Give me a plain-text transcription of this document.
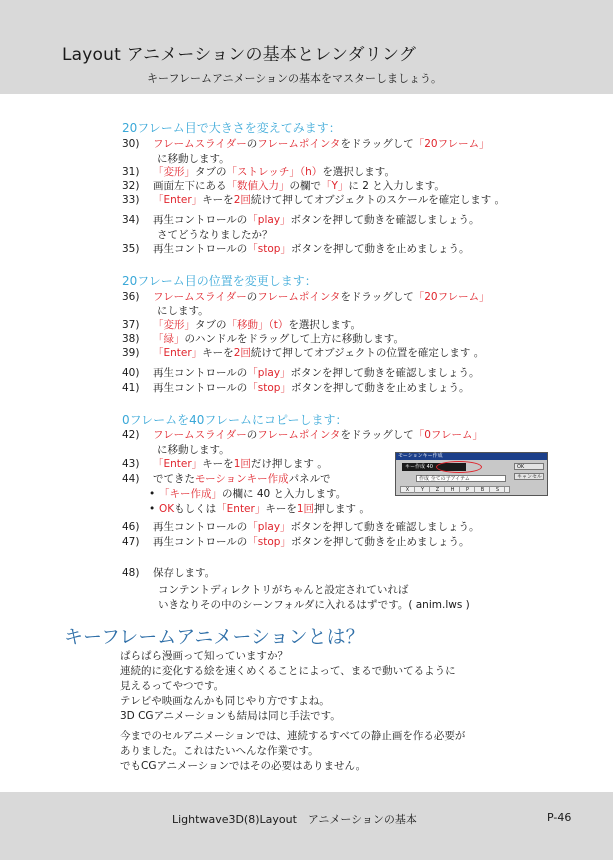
Layout アニメーションの基本とレンダリング
キーフレームアニメーションの基本をマスターしましょう。
20フレーム目で大きさを変えてみます：
30) フレームスライダーのフレームポインタをドラッグして「20フレーム」
に移動します。
31) 「変形」タブの「ストレッチ」（h）を選択します。
32) 画面左下にある「数値入力」の欄で「Y」に 2 と入力します。
33) 「Enter」キーを2回続けて押してオブジェクトのスケールを確定します 。
34) 再生コントロールの「play」ボタンを押して動きを確認しましょう。
さてどうなりましたか？
35) 再生コントロールの「stop」ボタンを押して動きを止めましょう。
20フレーム目の位置を変更します：
36) フレームスライダーのフレームポインタをドラッグして「20フレーム」
にします。
37) 「変形」タブの「移動」（t）を選択します。
38) 「緑」のハンドルをドラッグして上方に移動します。
39) 「Enter」キーを2回続けて押してオブジェクトの位置を確定します 。
40) 再生コントロールの「play」ボタンを押して動きを確認しましょう。
41) 再生コントロールの「stop」ボタンを押して動きを止めましょう。
0フレームを40フレームにコピーします：
42) フレームスライダーのフレームポインタをドラッグして「0フレーム」
に移動します。
43) 「Enter」キーを1回だけ押します 。
44) でてきたモーションキー作成パネルで
• 「キー作成」の欄に 40 と入力します。
• OKもしくは「Enter」キーを1回押します 。
モーションキー作成
キー作成 40
作成 全ての子アイテム
OK
キャンセル
X	Y	Z	H	P	B	S
48) 保存します。
コンテントディレクトリがちゃんと設定されていれば
いきなりその中のシーンフォルダに入れるはずです。( anim.lws )
キーフレームアニメーションとは？
ぱらぱら漫画って知っていますか？
連続的に変化する絵を速くめくることによって、まるで動いてるように
見えるってやつです。
テレビや映画なんかも同じやり方ですよね。
3D CGアニメーションも結局は同じ手法です。
今までのセルアニメーションでは、連続するすべての静止画を作る必要が
ありました。これはたいへんな作業です。
でもCGアニメーションではその必要はありません。
Lightwave3D(8)Layout　アニメーションの基本	P-46
46) 再生コントロールの「play」ボタンを押して動きを確認しましょう。
47) 再生コントロールの「stop」ボタンを押して動きを止めましょう。
